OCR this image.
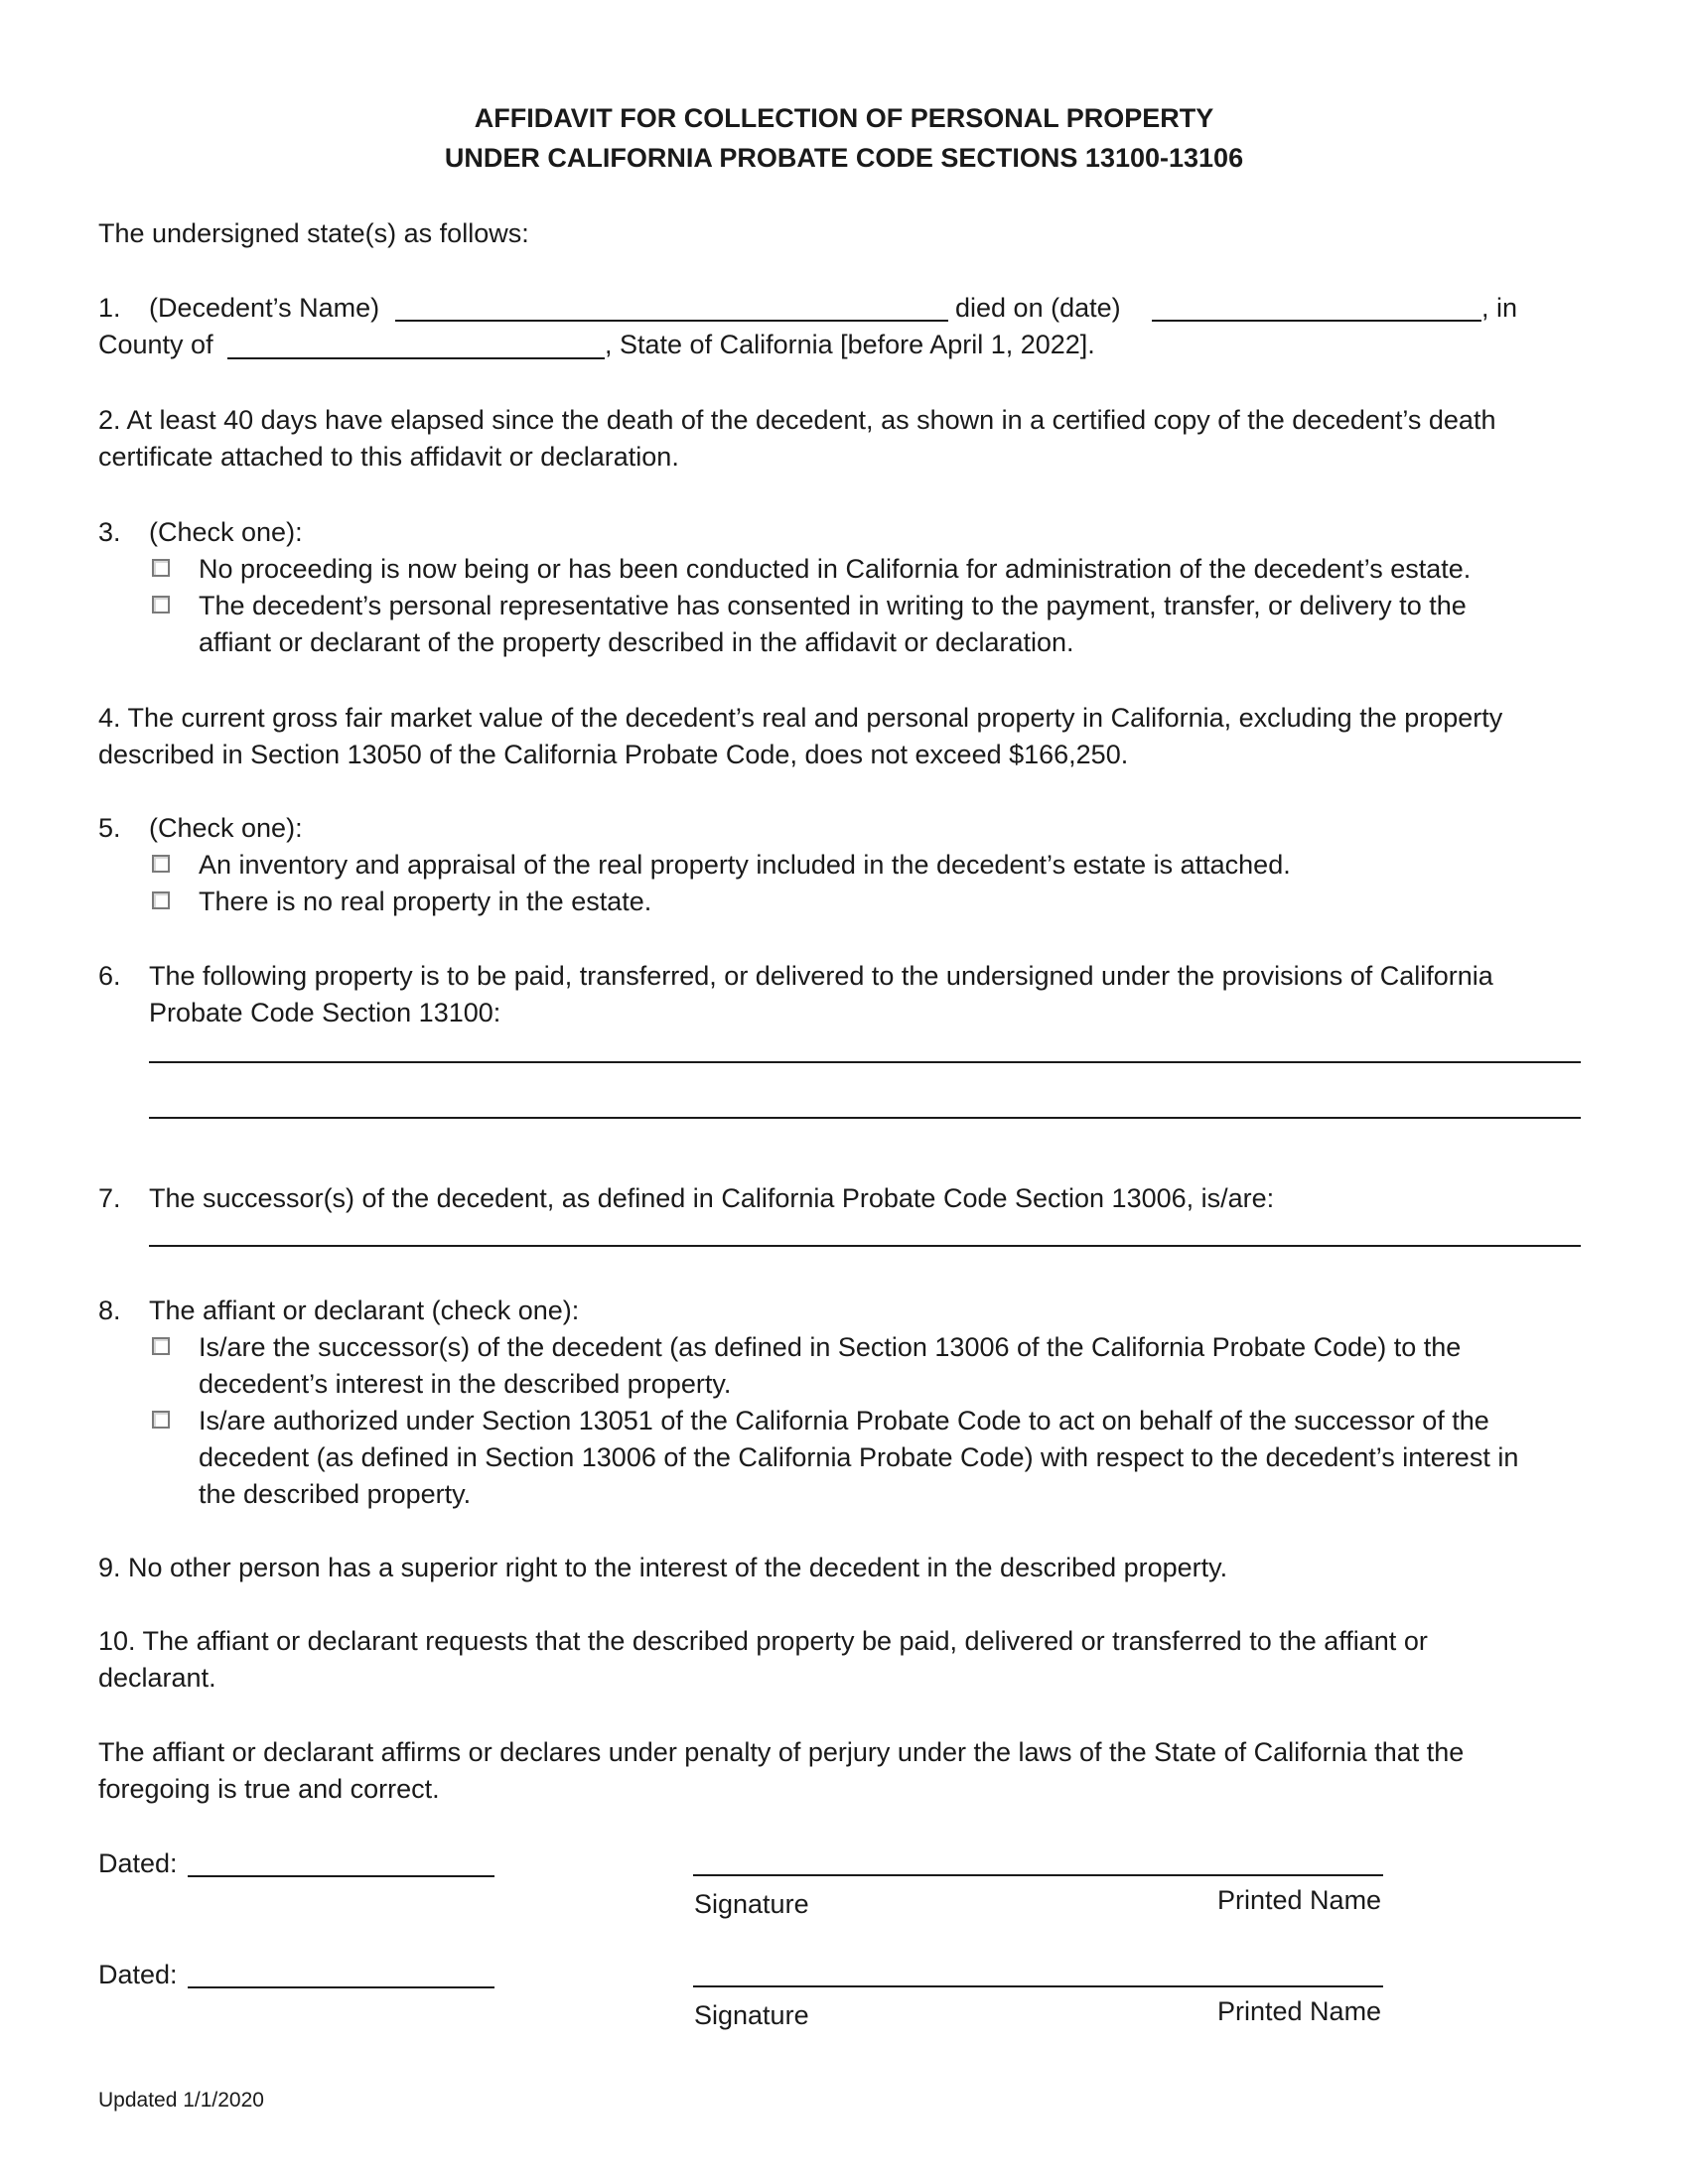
AFFIDAVIT FOR COLLECTION OF PERSONAL PROPERTY
UNDER CALIFORNIA PROBATE CODE SECTIONS 13100-13106
The undersigned state(s) as follows:
1. (Decedent’s Name)	died on (date)	, in
County of	, State of California [before April 1, 2022].
2. At least 40 days have elapsed since the death of the decedent, as shown in a certified copy of the decedent’s death
certificate attached to this affidavit or declaration.
3. (Check one):
No proceeding is now being or has been conducted in California for administration of the decedent’s estate.
The decedent’s personal representative has consented in writing to the payment, transfer, or delivery to the
affiant or declarant of the property described in the affidavit or declaration.
4. The current gross fair market value of the decedent’s real and personal property in California, excluding the property
described in Section 13050 of the California Probate Code, does not exceed $166,250.
5. (Check one):
An inventory and appraisal of the real property included in the decedent’s estate is attached.
There is no real property in the estate.
6. The following property is to be paid, transferred, or delivered to the undersigned under the provisions of California
Probate Code Section 13100:
7. The successor(s) of the decedent, as defined in California Probate Code Section 13006, is/are:
8. The affiant or declarant (check one):
Is/are the successor(s) of the decedent (as defined in Section 13006 of the California Probate Code) to the
decedent’s interest in the described property.
Is/are authorized under Section 13051 of the California Probate Code to act on behalf of the successor of the
decedent (as defined in Section 13006 of the California Probate Code) with respect to the decedent’s interest in
the described property.
9. No other person has a superior right to the interest of the decedent in the described property.
10. The affiant or declarant requests that the described property be paid, delivered or transferred to the affiant or
declarant.
The affiant or declarant affirms or declares under penalty of perjury under the laws of the State of California that the
foregoing is true and correct.
Dated:
Signature	Printed Name
Dated:
Signature	Printed Name
Updated 1/1/2020
